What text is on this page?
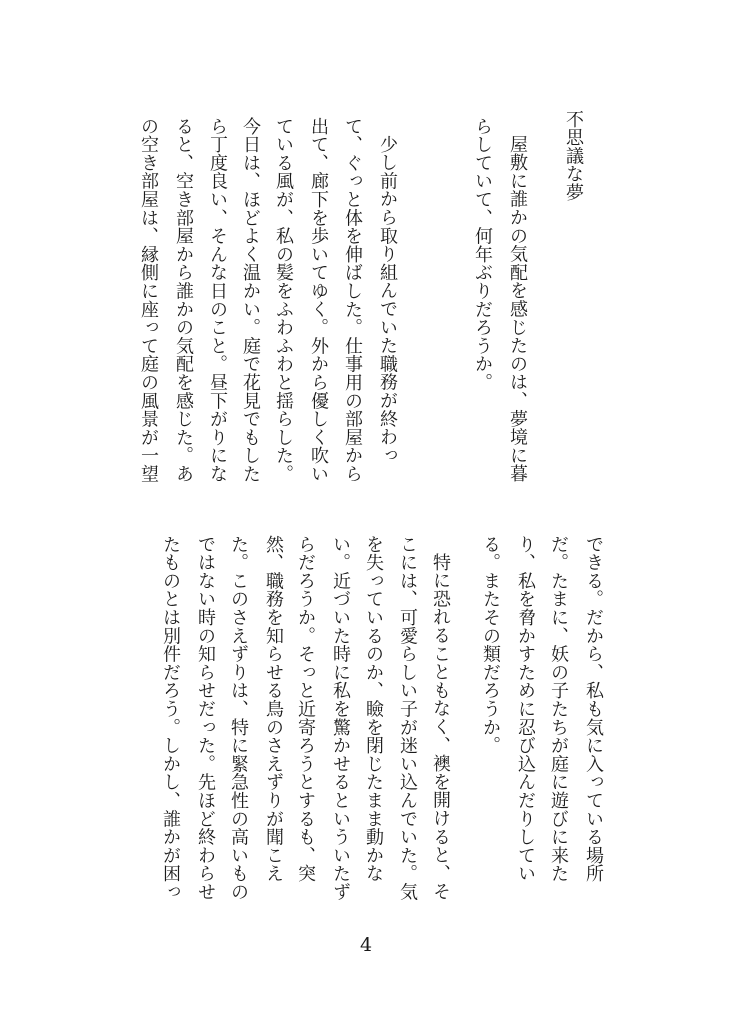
不思議な夢
屋敷に誰かの気配を感じたのは、夢境に暮
らしていて、何年ぶりだろうか。
少し前から取り組んでいた職務が終わっ
て、ぐっと体を伸ばした。仕事用の部屋から
出て、廊下を歩いてゆく。外から優しく吹い
ている風が、私の髪をふわふわと揺らした。
今日は、ほどよく温かい。庭で花見でもした
ら丁度良い、そんな日のこと。昼下がりにな
ると、空き部屋から誰かの気配を感じた。あ
の空き部屋は、縁側に座って庭の風景が一望
できる。だから、私も気に入っている場所
だ。たまに、妖の子たちが庭に遊びに来た
り、私を脅かすために忍び込んだりしてい
る。またその類だろうか。
特に恐れることもなく、襖を開けると、そ
こには、可愛らしい子が迷い込んでいた。気
を失っているのか、瞼を閉じたまま動かな
い。近づいた時に私を驚かせるといういたず
らだろうか。そっと近寄ろうとするも、突
然、職務を知らせる鳥のさえずりが聞こえ
た。このさえずりは、特に緊急性の高いもの
ではない時の知らせだった。先ほど終わらせ
たものとは別件だろう。しかし、誰かが困っ
4
